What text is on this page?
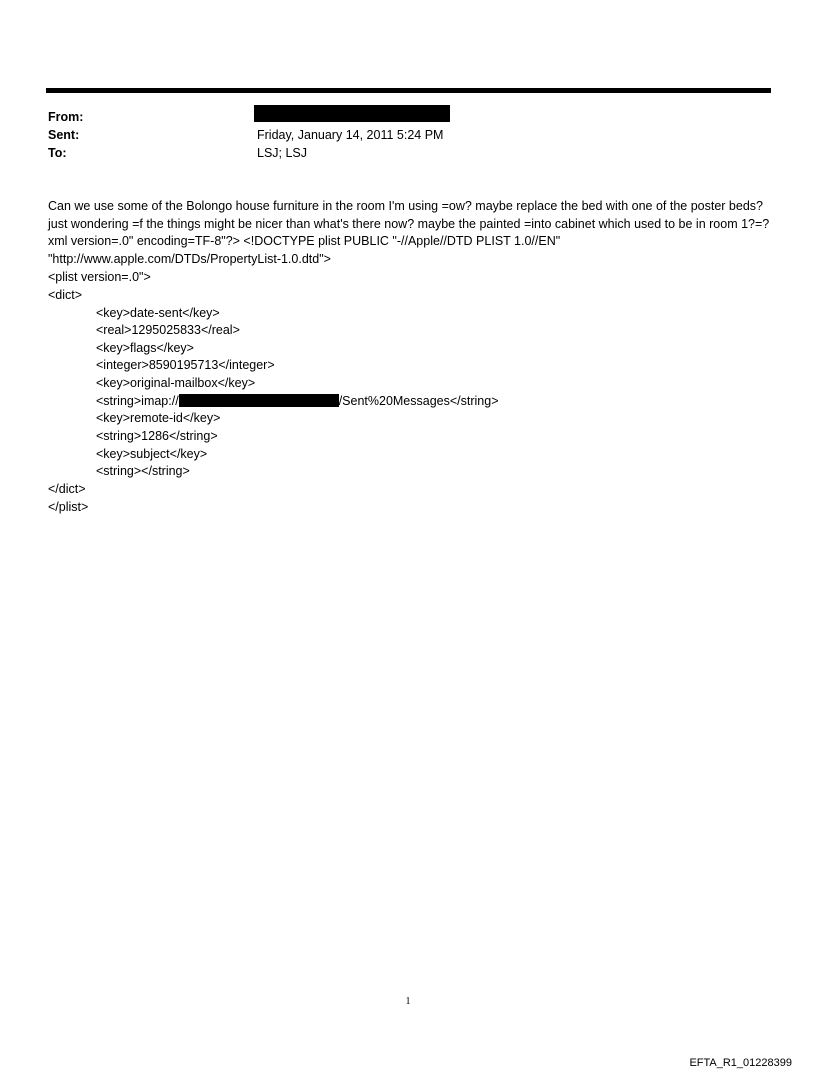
From:
Sent:	Friday, January 14, 2011 5:24 PM
To:	LSJ; LSJ
Can we use some of the Bolongo house furniture in the room I'm using =ow? maybe replace the bed with one of the poster beds? just wondering =f the things might be nicer than what's there now? maybe the painted =into cabinet which used to be in room 1?=?xml version=.0" encoding=TF-8"?> <!DOCTYPE plist PUBLIC "-//Apple//DTD PLIST 1.0//EN" "http://www.apple.com/DTDs/PropertyList-1.0.dtd">
<plist version=.0">
<dict>
<key>date-sent</key>
<real>1295025833</real>
<key>flags</key>
<integer>8590195713</integer>
<key>original-mailbox</key>
<string>imap://	/Sent%20Messages</string>
<key>remote-id</key>
<string>1286</string>
<key>subject</key>
<string></string>
</dict>
</plist>
1
EFTA_R1_01228399
